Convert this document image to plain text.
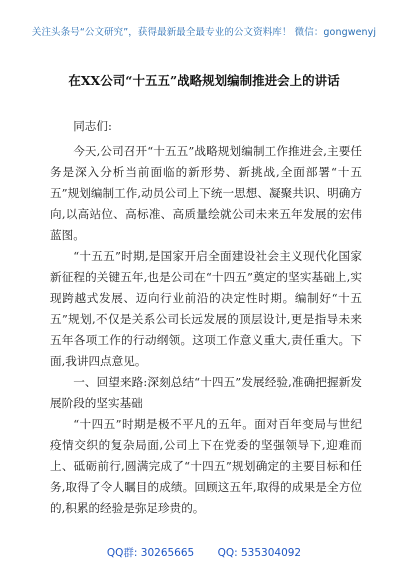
关注头条号“公文研究”，获得最新最全最专业的公文资料库！ 微信：gongwenyj
在XX公司“十五五”战略规划编制推进会上的讲话

同志们:

今天,公司召开“十五五”战略规划编制工作推进会,主要任务是深入分析当前面临的新形势、新挑战,全面部署“十五五”规划编制工作,动员公司上下统一思想、凝聚共识、明确方向,以高站位、高标准、高质量绘就公司未来五年发展的宏伟蓝图。

“十五五”时期,是国家开启全面建设社会主义现代化国家新征程的关键五年,也是公司在“十四五”奠定的坚实基础上,实现跨越式发展、迈向行业前沿的决定性时期。编制好“十五五”规划,不仅是关系公司长远发展的顶层设计,更是指导未来五年各项工作的行动纲领。这项工作意义重大,责任重大。下面,我讲四点意见。

一、回望来路:深刻总结“十四五”发展经验,准确把握新发展阶段的坚实基础

“十四五”时期是极不平凡的五年。面对百年变局与世纪疫情交织的复杂局面,公司上下在党委的坚强领导下,迎难而上、砥砺前行,圆满完成了“十四五”规划确定的主要目标和任务,取得了令人瞩目的成绩。回顾这五年,取得的成果是全方位的,积累的经验是弥足珍贵的。

QQ群: 30265665 QQ: 535304092
